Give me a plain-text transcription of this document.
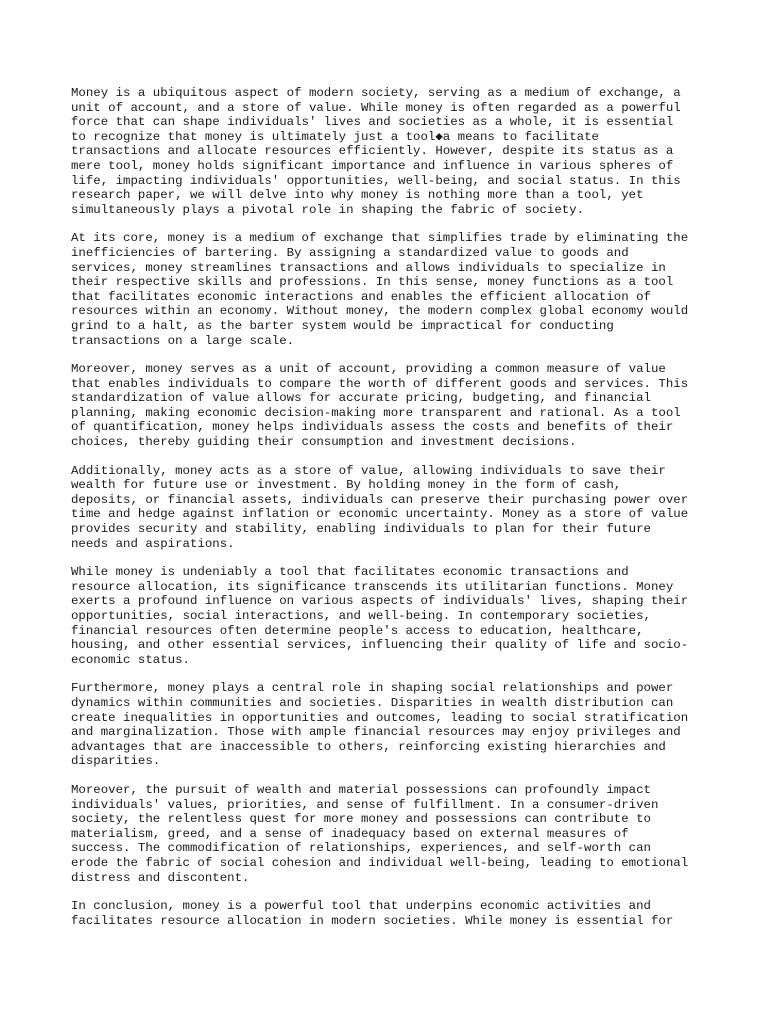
Money is a ubiquitous aspect of modern society, serving as a medium of exchange, a
unit of account, and a store of value. While money is often regarded as a powerful
force that can shape individuals' lives and societies as a whole, it is essential
to recognize that money is ultimately just a tool◆a means to facilitate
transactions and allocate resources efficiently. However, despite its status as a
mere tool, money holds significant importance and influence in various spheres of
life, impacting individuals' opportunities, well-being, and social status. In this
research paper, we will delve into why money is nothing more than a tool, yet
simultaneously plays a pivotal role in shaping the fabric of society.

At its core, money is a medium of exchange that simplifies trade by eliminating the
inefficiencies of bartering. By assigning a standardized value to goods and
services, money streamlines transactions and allows individuals to specialize in
their respective skills and professions. In this sense, money functions as a tool
that facilitates economic interactions and enables the efficient allocation of
resources within an economy. Without money, the modern complex global economy would
grind to a halt, as the barter system would be impractical for conducting
transactions on a large scale.

Moreover, money serves as a unit of account, providing a common measure of value
that enables individuals to compare the worth of different goods and services. This
standardization of value allows for accurate pricing, budgeting, and financial
planning, making economic decision-making more transparent and rational. As a tool
of quantification, money helps individuals assess the costs and benefits of their
choices, thereby guiding their consumption and investment decisions.

Additionally, money acts as a store of value, allowing individuals to save their
wealth for future use or investment. By holding money in the form of cash,
deposits, or financial assets, individuals can preserve their purchasing power over
time and hedge against inflation or economic uncertainty. Money as a store of value
provides security and stability, enabling individuals to plan for their future
needs and aspirations.

While money is undeniably a tool that facilitates economic transactions and
resource allocation, its significance transcends its utilitarian functions. Money
exerts a profound influence on various aspects of individuals' lives, shaping their
opportunities, social interactions, and well-being. In contemporary societies,
financial resources often determine people's access to education, healthcare,
housing, and other essential services, influencing their quality of life and socio-
economic status.

Furthermore, money plays a central role in shaping social relationships and power
dynamics within communities and societies. Disparities in wealth distribution can
create inequalities in opportunities and outcomes, leading to social stratification
and marginalization. Those with ample financial resources may enjoy privileges and
advantages that are inaccessible to others, reinforcing existing hierarchies and
disparities.

Moreover, the pursuit of wealth and material possessions can profoundly impact
individuals' values, priorities, and sense of fulfillment. In a consumer-driven
society, the relentless quest for more money and possessions can contribute to
materialism, greed, and a sense of inadequacy based on external measures of
success. The commodification of relationships, experiences, and self-worth can
erode the fabric of social cohesion and individual well-being, leading to emotional
distress and discontent.

In conclusion, money is a powerful tool that underpins economic activities and
facilitates resource allocation in modern societies. While money is essential for
